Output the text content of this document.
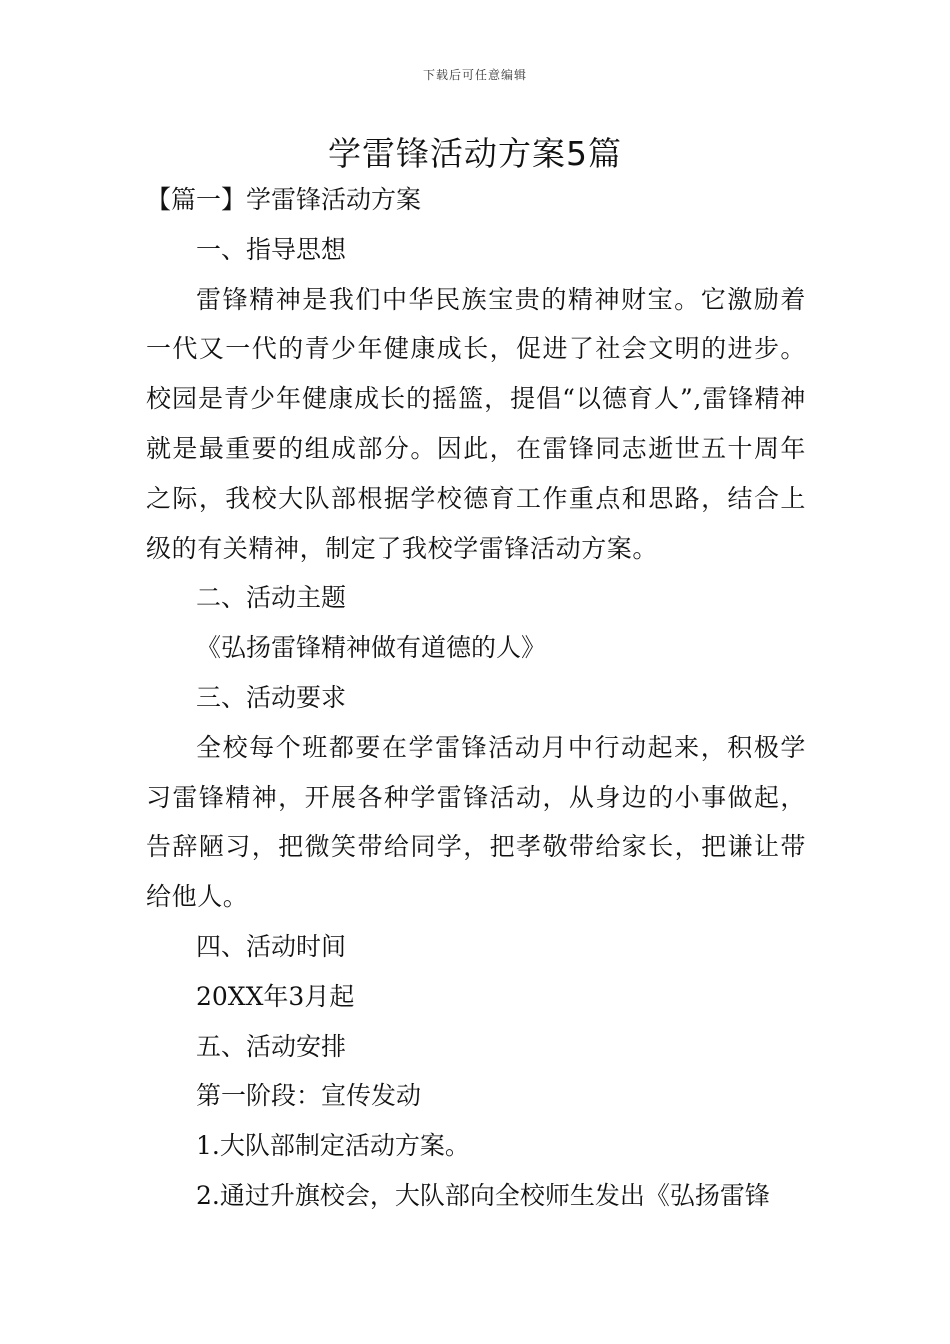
下载后可任意编辑
学雷锋活动方案5篇

【篇一】学雷锋活动方案

一、指导思想

雷锋精神是我们中华民族宝贵的精神财宝。它激励着一代又一代的青少年健康成长，促进了社会文明的进步。校园是青少年健康成长的摇篮，提倡“以德育人”,雷锋精神就是最重要的组成部分。因此，在雷锋同志逝世五十周年之际，我校大队部根据学校德育工作重点和思路，结合上级的有关精神，制定了我校学雷锋活动方案。

二、活动主题

《弘扬雷锋精神做有道德的人》

三、活动要求

全校每个班都要在学雷锋活动月中行动起来，积极学习雷锋精神，开展各种学雷锋活动，从身边的小事做起，告辞陋习，把微笑带给同学，把孝敬带给家长，把谦让带给他人。

四、活动时间

20XX年3月起

五、活动安排

第一阶段：宣传发动

1.大队部制定活动方案。

2.通过升旗校会，大队部向全校师生发出《弘扬雷锋
